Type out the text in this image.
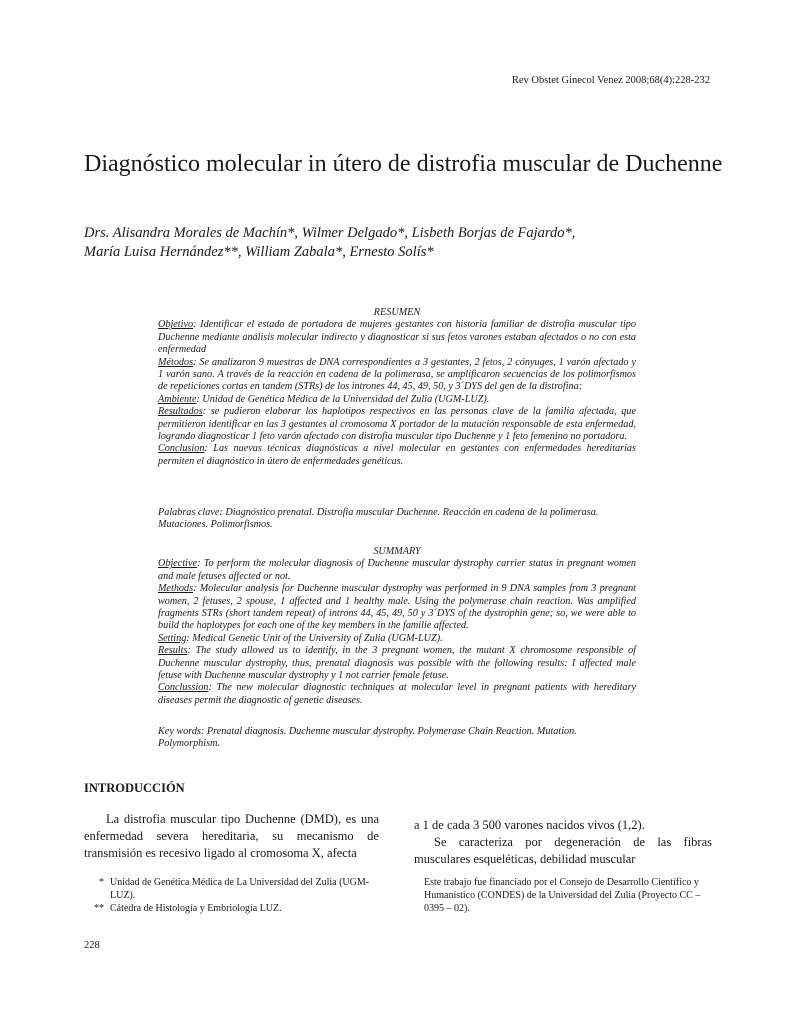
Rev Obstet Ginecol Venez 2008;68(4):228-232
Diagnóstico molecular in útero de distrofia muscular de Duchenne
Drs. Alisandra Morales de Machín*, Wilmer Delgado*, Lisbeth Borjas de Fajardo*,
María Luisa Hernández**, William Zabala*, Ernesto Solís*

RESUMEN

Objetivo: Identificar el estado de portadora de mujeres gestantes con historia familiar de distrofia muscular tipo Duchenne mediante análisis molecular indirecto y diagnosticar si sus fetos varones estaban afectados o no con esta enfermedad

Métodos: Se analizaron 9 muestras de DNA correspondientes a 3 gestantes, 2 fetos, 2 cónyuges, 1 varón afectado y 1 varón sano. A través de la reacción en cadena de la polimerasa, se amplificaron secuencias de los polimorfismos de repeticiones cortas en tandem (STRs) de los intrones 44, 45, 49, 50, y 3´DYS del gen de la distrofina;

Ambiente: Unidad de Genética Médica de la Universidad del Zulia (UGM-LUZ).

Resultados: se pudieron elaborar los haplotipos respectivos en las personas clave de la familia afectada, que permitieron identificar en las 3 gestantes al cromosoma X portador de la mutación responsable de esta enfermedad, logrando diagnosticar 1 feto varón afectado con distrofia muscular tipo Duchenne y 1 feto femenino no portadora.

Conclusion: Las nuevas técnicas diagnósticas a nivel molecular en gestantes con enfermedades hereditarias permiten el diagnóstico in útero de enfermedades genéticas.

Palabras clave: Diagnóstico prenatal. Distrofia muscular Duchenne. Reacción en cadena de la polimerasa. Mutaciones. Polimorfismos.

SUMMARY

Objective: To perform the molecular diagnosis of Duchenne muscular dystrophy carrier status in pregnant women and male fetuses affected or not.

Methods: Molecular analysis for Duchenne muscular dystrophy was performed in 9 DNA samples from 3 pregnant women, 2 fetuses, 2 spouse, 1 affected and 1 healthy male. Using the polymerase chain reaction. Was amplified fragments STRs (short tandem repeat) of introns 44, 45, 49, 50 y 3´DYS of the dystrophin gene; so, we were able to build the haplotypes for each one of the key members in the familie affected.

Setting: Medical Genetic Unit of the University of Zulia (UGM-LUZ).

Results: The study allowed us to identify, in the 3 pregnant women, the mutant X chromosome responsible of Duchenne muscular dystrophy, thus, prenatal diagnosis was possible with the following results: I affected male fetuse with Duchenne muscular dystrophy y 1 not carrier female fetuse.

Conclussion: The new molecular diagnostic techniques at molecular level in pregnant patients with hereditary diseases permit the diagnostic of genetic diseases.

Key words: Prenatal diagnosis. Duchenne muscular dystrophy. Polymerase Chain Reaction. Mutation. Polymorphism.
INTRODUCCIÓN

La distrofia muscular tipo Duchenne (DMD), es una enfermedad severa hereditaria, su mecanismo de transmisión es recesivo ligado al cromosoma X, afecta

a 1 de cada 3 500 varones nacidos vivos (1,2).

Se caracteriza por degeneración de las fibras musculares esqueléticas, debilidad muscular

* Unidad de Genética Médica de La Universidad del Zulia (UGM-LUZ).
** Cátedra de Histología y Embriología LUZ.
Este trabajo fue financiado por el Consejo de Desarrollo Científico y Humanístico (CONDES) de la Universidad del Zulia (Proyecto CC – 0395 – 02).
228
